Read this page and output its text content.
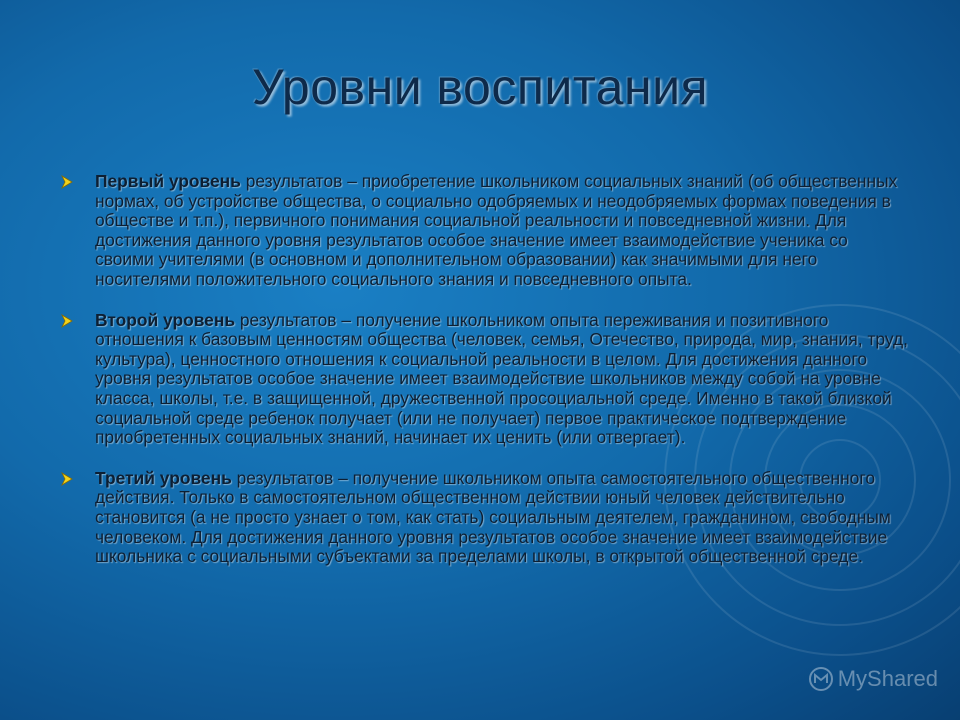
Уровни воспитания
Первый уровень результатов – приобретение школьником социальных знаний (об общественных нормах, об устройстве общества, о социально одобряемых и неодобряемых формах поведения в обществе и т.п.), первичного понимания социальной реальности и повседневной жизни. Для достижения данного уровня результатов особое значение имеет взаимодействие ученика со своими учителями (в основном и дополнительном образовании) как значимыми для него носителями положительного социального знания и повседневного опыта.
Второй уровень результатов – получение школьником опыта переживания и позитивного отношения к базовым ценностям общества (человек, семья, Отечество, природа, мир, знания, труд, культура), ценностного отношения к социальной реальности в целом. Для достижения данного уровня результатов особое значение имеет взаимодействие школьников между собой на уровне класса, школы, т.е. в защищенной, дружественной просоциальной среде. Именно в такой близкой социальной среде ребенок получает (или не получает) первое практическое подтверждение приобретенных социальных знаний, начинает их ценить (или отвергает).
Третий уровень результатов – получение школьником опыта самостоятельного общественного действия. Только в самостоятельном общественном действии юный человек действительно становится (а не просто узнает о том, как стать) социальным деятелем, гражданином, свободным человеком. Для достижения данного уровня результатов особое значение имеет взаимодействие школьника с социальными субъектами за пределами школы, в открытой общественной среде.
MyShared
